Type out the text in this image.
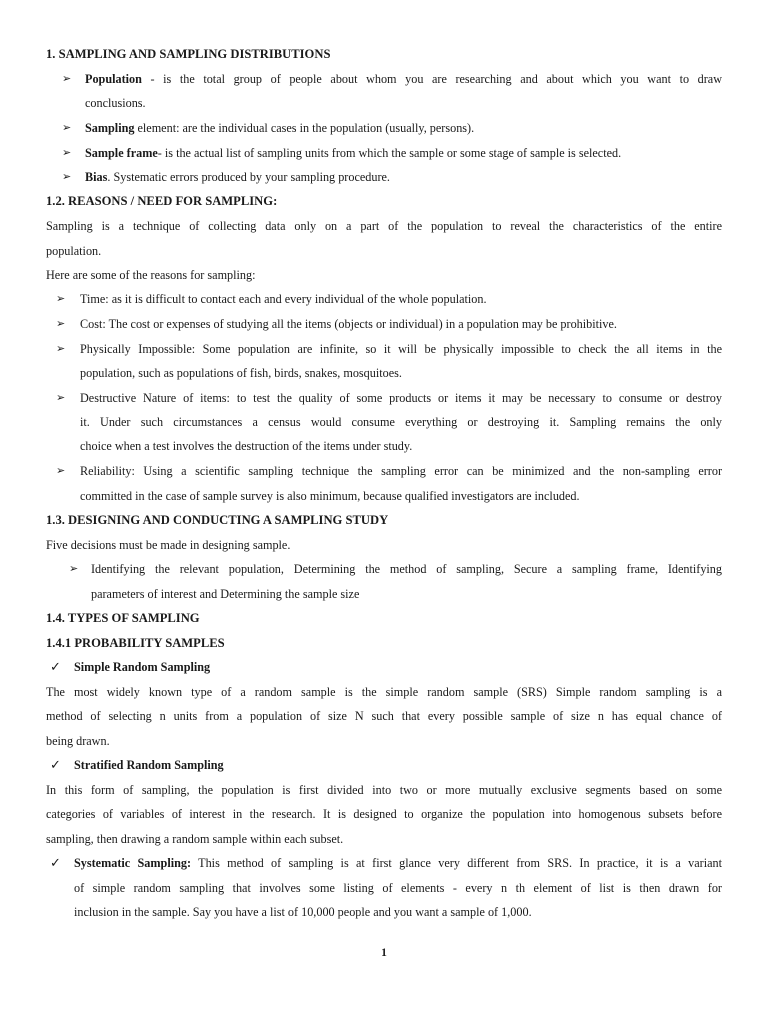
1. SAMPLING AND SAMPLING DISTRIBUTIONS
➢ Population - is the total group of people about whom you are researching and about which you want to draw
conclusions.
➢ Sampling element: are the individual cases in the population (usually, persons).
➢ Sample frame- is the actual list of sampling units from which the sample or some stage of sample is selected.
➢ Bias. Systematic errors produced by your sampling procedure.
1.2. REASONS / NEED FOR SAMPLING:
Sampling is a technique of collecting data only on a part of the population to reveal the characteristics of the entire
population.
Here are some of the reasons for sampling:
➢ Time: as it is difficult to contact each and every individual of the whole population.
➢ Cost: The cost or expenses of studying all the items (objects or individual) in a population may be prohibitive.
➢ Physically Impossible: Some population are infinite, so it will be physically impossible to check the all items in the
population, such as populations of fish, birds, snakes, mosquitoes.
➢ Destructive Nature of items: to test the quality of some products or items it may be necessary to consume or destroy
it. Under such circumstances a census would consume everything or destroying it. Sampling remains the only
choice when a test involves the destruction of the items under study.
➢ Reliability: Using a scientific sampling technique the sampling error can be minimized and the non-sampling error
committed in the case of sample survey is also minimum, because qualified investigators are included.
1.3. DESIGNING AND CONDUCTING A SAMPLING STUDY
Five decisions must be made in designing sample.
➢ Identifying the relevant population, Determining the method of sampling, Secure a sampling frame, Identifying
parameters of interest and Determining the sample size
1.4. TYPES OF SAMPLING
1.4.1 PROBABILITY SAMPLES
✓ Simple Random Sampling
The most widely known type of a random sample is the simple random sample (SRS) Simple random sampling is a
method of selecting n units from a population of size N such that every possible sample of size n has equal chance of
being drawn.
✓ Stratified Random Sampling
In this form of sampling, the population is first divided into two or more mutually exclusive segments based on some
categories of variables of interest in the research. It is designed to organize the population into homogenous subsets before
sampling, then drawing a random sample within each subset.
✓ Systematic Sampling: This method of sampling is at first glance very different from SRS. In practice, it is a variant
of simple random sampling that involves some listing of elements - every n th element of list is then drawn for
inclusion in the sample. Say you have a list of 10,000 people and you want a sample of 1,000.
1
